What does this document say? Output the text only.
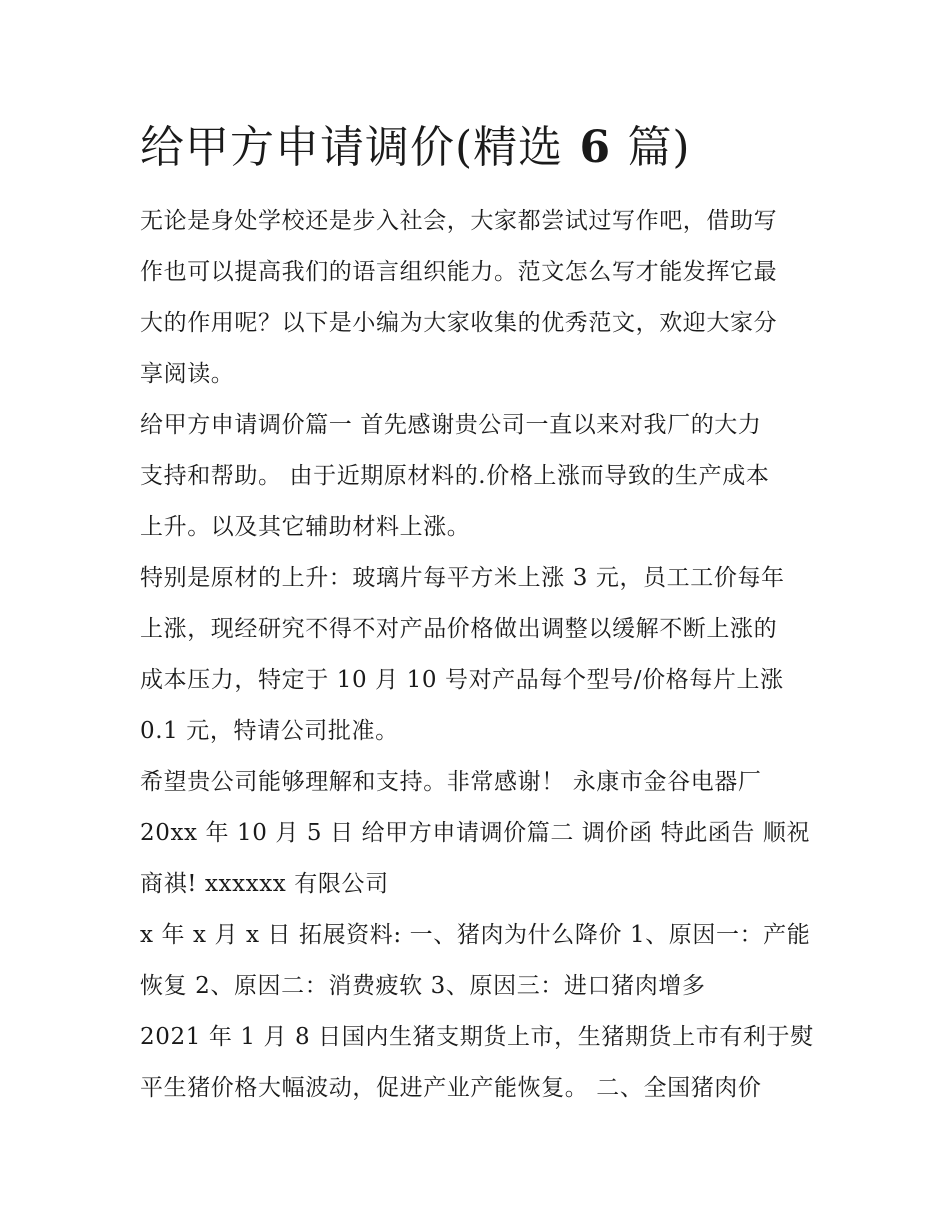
给甲方申请调价(精选 6 篇)
无论是身处学校还是步入社会，大家都尝试过写作吧，借助写
作也可以提高我们的语言组织能力。范文怎么写才能发挥它最
大的作用呢？以下是小编为大家收集的优秀范文，欢迎大家分
享阅读。
给甲方申请调价篇一 首先感谢贵公司一直以来对我厂的大力
支持和帮助。 由于近期原材料的.价格上涨而导致的生产成本
上升。以及其它辅助材料上涨。
特别是原材的上升：玻璃片每平方米上涨 3 元，员工工价每年
上涨，现经研究不得不对产品价格做出调整以缓解不断上涨的
成本压力，特定于 10 月 10 号对产品每个型号/价格每片上涨
0.1 元，特请公司批准。
希望贵公司能够理解和支持。非常感谢！ 永康市金谷电器厂
20xx 年 10 月 5 日 给甲方申请调价篇二 调价函 特此函告 顺祝
商祺! xxxxxx 有限公司
x 年 x 月 x 日 拓展资料: 一、猪肉为什么降价 1、原因一：产能
恢复 2、原因二：消费疲软 3、原因三：进口猪肉增多
2021 年 1 月 8 日国内生猪支期货上市，生猪期货上市有利于熨
平生猪价格大幅波动，促进产业产能恢复。 二、全国猪肉价
